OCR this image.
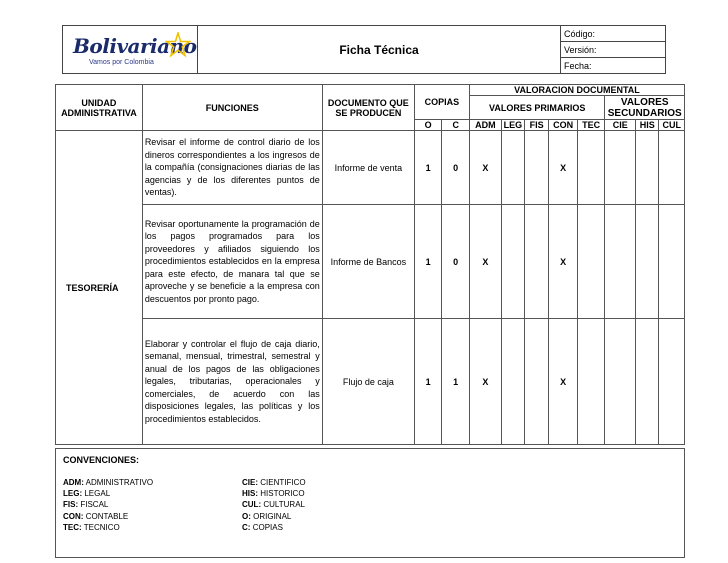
Bolivariano
Vamos por Colombia
	Ficha Técnica	Código:
Versión:
Fecha:
UNIDAD ADMINISTRATIVA	FUNCIONES	DOCUMENTO QUE SE PRODUCEN	COPIAS		VALORACION DOCUMENTAL							
					VALORES PRIMARIOS					VALORES SECUNDARIOS		
			O	C	ADM	LEG	FIS	CON	TEC	CIE	HIS	CUL
TESORERÍA	Revisar el informe de control diario de los dineros correspondientes a los ingresos de la compañía (consignaciones diarias de las agencias y de los diferentes puntos de ventas).	Informe de venta	1	0	X			X				
	Revisar oportunamente la programación de los pagos programados para los proveedores y afiliados siguiendo los procedimientos establecidos en la empresa para este efecto, de manara tal que se aproveche y se beneficie a la empresa con descuentos por pronto pago.	Informe de Bancos	1	0	X			X				
	Elaborar y controlar el flujo de caja diario, semanal, mensual, trimestral, semestral y anual de los pagos de las obligaciones legales, tributarias, operacionales y comerciales, de acuerdo con las disposiciones legales, las políticas y los procedimientos establecidos.	Flujo de caja	1	1	X			X				
CONVENCIONES:
ADM: ADMINISTRATIVO
LEG: LEGAL
FIS: FISCAL
CON: CONTABLE
TEC: TECNICO
CIE: CIENTIFICO
HIS: HISTORICO
CUL: CULTURAL
O: ORIGINAL
C: COPIAS
